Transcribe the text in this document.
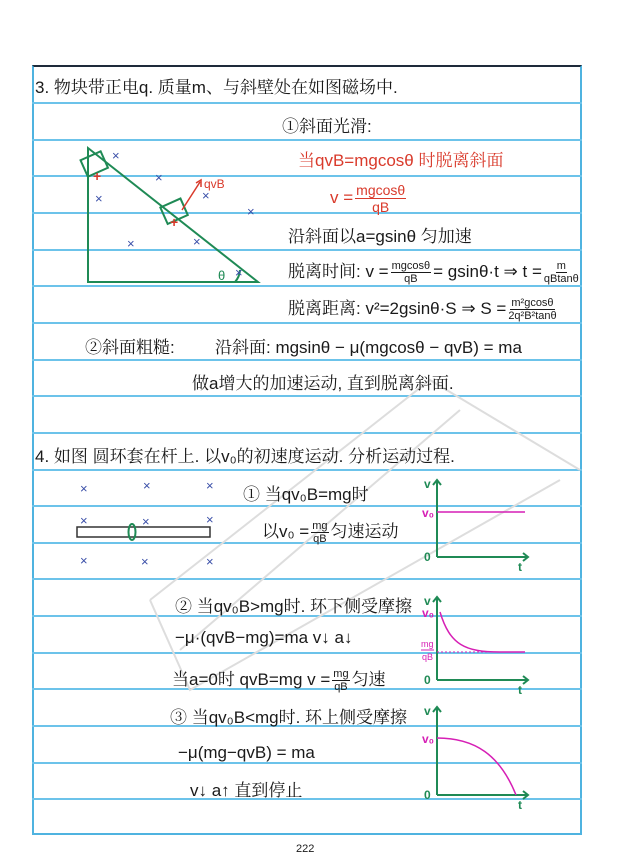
+
+
qvB
θ
×
×
×	×
×
×	×
×
×	×	×
×	×	×
×	×	×
v
t
0
v₀
v
t
0
v₀
mg
qB
v
t
0
v₀
3. 物块带正电q. 质量m、与斜壁处在如图磁场中.
①斜面光滑:
当qvB=mgcosθ 时脱离斜面
$v = \frac{mgcos\theta}{qB}$
沿斜面以a=gsinθ 匀加速
脱离时间: $v = \frac{mgcos\theta}{qB} = gsin\theta\cdot t$ ⇒ $t = \frac{m}{qBtan\theta}$
脱离距离: v²=2gsinθ·S ⇒ $S = \frac{\text{m²gcosθ}}{\text{2q²B²tanθ}}$
②斜面粗糙: 沿斜面: mgsinθ − μ(mgcosθ − qvB) = ma
做a增大的加速运动, 直到脱离斜面.
4. 如图 圆环套在杆上. 以v₀的初速度运动. 分析运动过程.
① 当qv₀B=mg时
以$v_0 = \frac{mg}{qB}$ 匀速运动
② 当qv₀B>mg时. 环下侧受摩擦
−μ·(qvB−mg)=ma v↓ a↓
当a=0时 qvB=mg $v = \frac{mg}{qB}$ 匀速
③ 当qv₀B<mg时. 环上侧受摩擦
−μ(mg−qvB) = ma
v↓ a↑ 直到停止
222
